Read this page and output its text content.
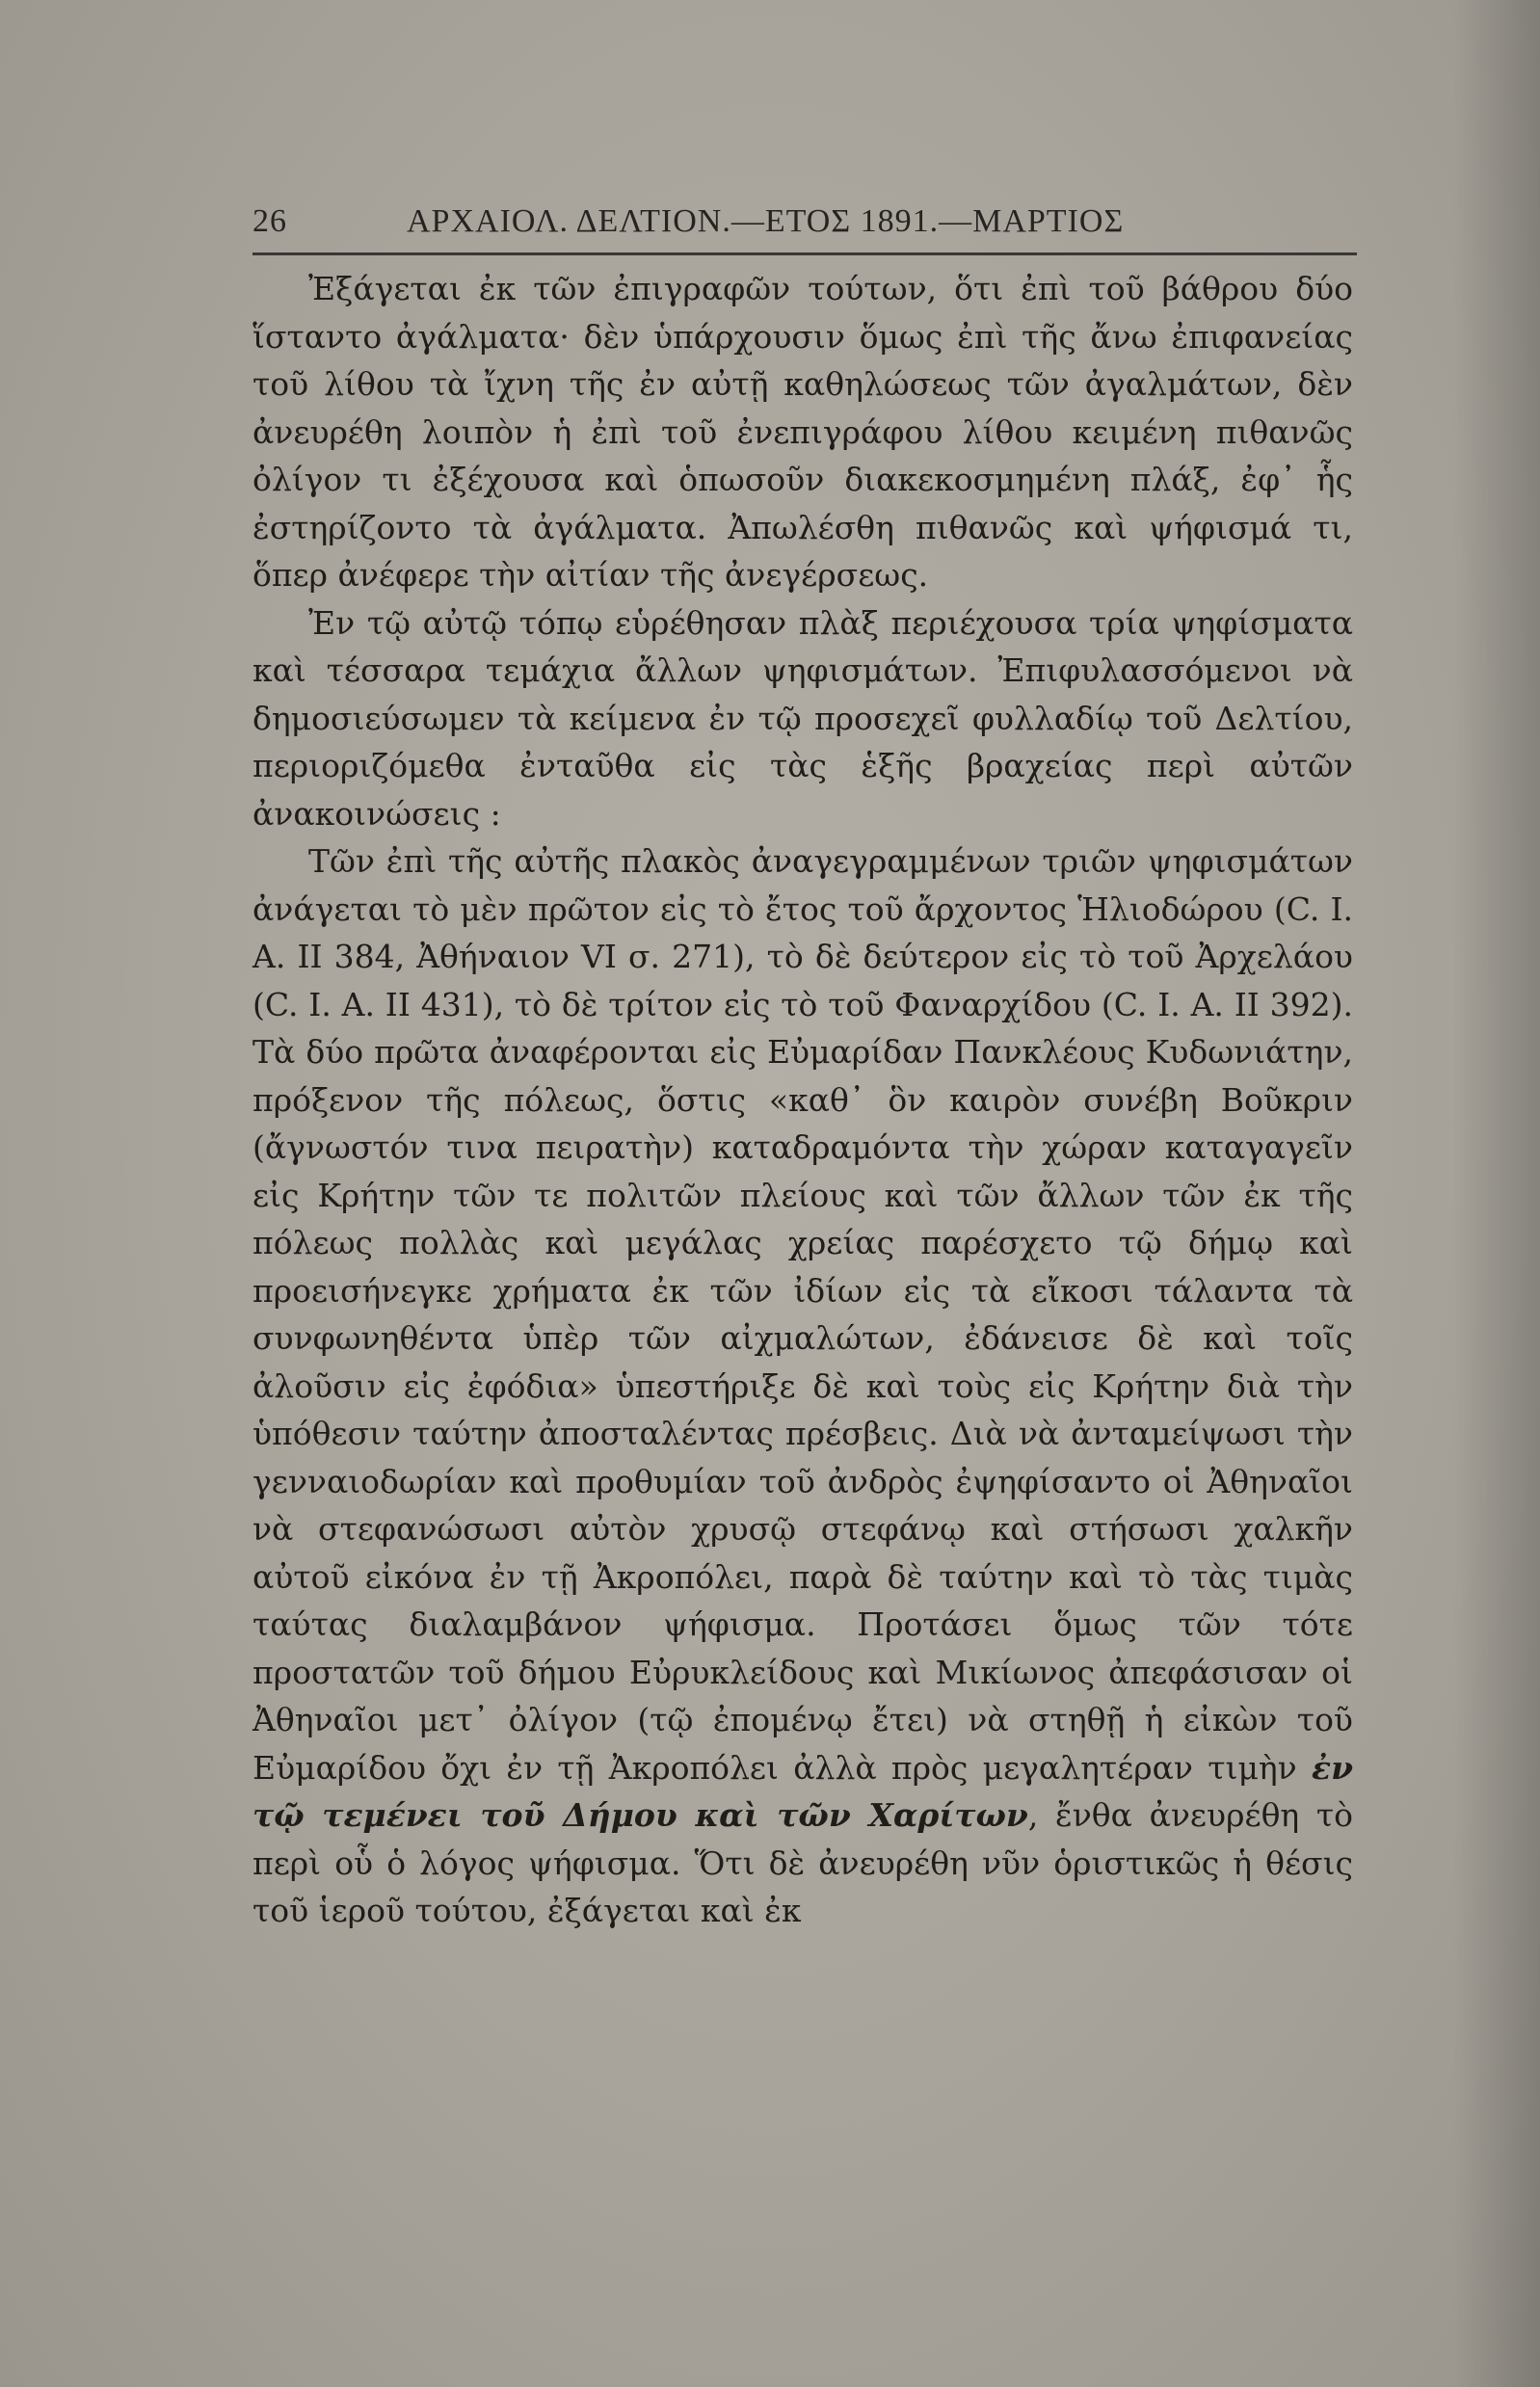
26	ΑΡΧΑΙΟΛ. ΔΕΛΤΙΟΝ.—ΕΤΟΣ 1891.—ΜΑΡΤΙΟΣ

Ἐξάγεται ἐκ τῶν ἐπιγραφῶν τούτων, ὅτι ἐπὶ τοῦ βάθρου δύο ἵσταντο ἀγάλματα· δὲν ὑπάρχουσιν ὅμως ἐπὶ τῆς ἄνω ἐπιφανείας τοῦ λίθου τὰ ἴχνη τῆς ἐν αὐτῇ καθηλώσεως τῶν ἀγαλμάτων, δὲν ἀνευρέθη λοιπὸν ἡ ἐπὶ τοῦ ἐνεπιγράφου λίθου κειμένη πιθανῶς ὀλίγον τι ἐξέχουσα καὶ ὁπωσοῦν διακεκοσμημένη πλάξ, ἐφ᾽ ἧς ἐστηρίζοντο τὰ ἀγάλματα. Ἀπωλέσθη πιθανῶς καὶ ψήφισμά τι, ὅπερ ἀνέφερε τὴν αἰτίαν τῆς ἀνεγέρσεως.

Ἐν τῷ αὐτῷ τόπῳ εὑρέθησαν πλὰξ περιέχουσα τρία ψηφίσματα καὶ τέσσαρα τεμάχια ἄλλων ψηφισμάτων. Ἐπιφυλασσόμενοι νὰ δημοσιεύσωμεν τὰ κείμενα ἐν τῷ προσεχεῖ φυλλαδίῳ τοῦ Δελτίου, περιοριζόμεθα ἐνταῦθα εἰς τὰς ἑξῆς βραχείας περὶ αὐτῶν ἀνακοινώσεις :

Τῶν ἐπὶ τῆς αὐτῆς πλακὸς ἀναγεγραμμένων τριῶν ψηφισμάτων ἀνάγεται τὸ μὲν πρῶτον εἰς τὸ ἔτος τοῦ ἄρχοντος Ἡλιοδώρου (C. I. A. II 384, Ἀθήναιον VI σ. 271), τὸ δὲ δεύτερον εἰς τὸ τοῦ Ἀρχελάου (C. I. A. II 431), τὸ δὲ τρίτον εἰς τὸ τοῦ Φαναρχίδου (C. I. A. II 392). Τὰ δύο πρῶτα ἀναφέρονται εἰς Εὐμαρίδαν Πανκλέους Κυδωνιάτην, πρόξενον τῆς πόλεως, ὅστις «καθ᾽ ὃν καιρὸν συνέβη Βοῦκριν (ἄγνωστόν τινα πειρατὴν) καταδραμόντα τὴν χώραν καταγαγεῖν εἰς Κρήτην τῶν τε πολιτῶν πλείους καὶ τῶν ἄλλων τῶν ἐκ τῆς πόλεως πολλὰς καὶ μεγάλας χρείας παρέσχετο τῷ δήμῳ καὶ προεισήνεγκε χρήματα ἐκ τῶν ἰδίων εἰς τὰ εἴκοσι τάλαντα τὰ συνφωνηθέντα ὑπὲρ τῶν αἰχμαλώτων, ἐδάνεισε δὲ καὶ τοῖς ἀλοῦσιν εἰς ἐφόδια» ὑπεστήριξε δὲ καὶ τοὺς εἰς Κρήτην διὰ τὴν ὑπόθεσιν ταύτην ἀποσταλέντας πρέσβεις. Διὰ νὰ ἀνταμείψωσι τὴν γενναιοδωρίαν καὶ προθυμίαν τοῦ ἀνδρὸς ἐψηφίσαντο οἱ Ἀθηναῖοι νὰ στεφανώσωσι αὐτὸν χρυσῷ στεφάνῳ καὶ στήσωσι χαλκῆν αὐτοῦ εἰκόνα ἐν τῇ Ἀκροπόλει, παρὰ δὲ ταύτην καὶ τὸ τὰς τιμὰς ταύτας διαλαμβάνον ψήφισμα. Προτάσει ὅμως τῶν τότε προστατῶν τοῦ δήμου Εὐρυκλείδους καὶ Μικίωνος ἀπεφάσισαν οἱ Ἀθηναῖοι μετ᾽ ὀλίγον (τῷ ἐπομένῳ ἔτει) νὰ στηθῇ ἡ εἰκὼν τοῦ Εὐμαρίδου ὄχι ἐν τῇ Ἀκροπόλει ἀλλὰ πρὸς μεγαλητέραν τιμὴν ἐν τῷ τεμένει τοῦ Δήμου καὶ τῶν Χαρίτων, ἔνθα ἀνευρέθη τὸ περὶ οὗ ὁ λόγος ψήφισμα. Ὅτι δὲ ἀνευρέθη νῦν ὁριστικῶς ἡ θέσις τοῦ ἱεροῦ τούτου, ἐξάγεται καὶ ἐκ
